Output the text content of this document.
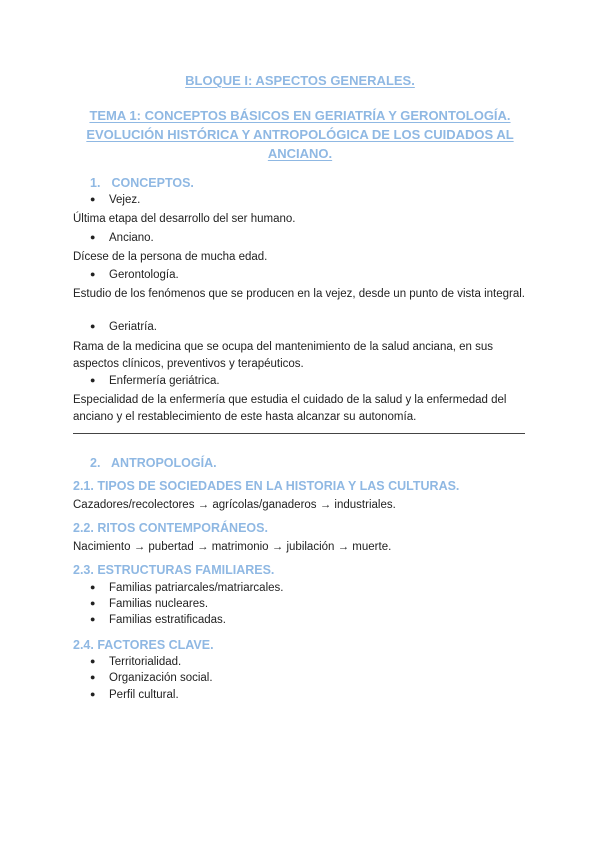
BLOQUE I: ASPECTOS GENERALES.
TEMA 1: CONCEPTOS BÁSICOS EN GERIATRÍA Y GERONTOLOGÍA. EVOLUCIÓN HISTÓRICA Y ANTROPOLÓGICA DE LOS CUIDADOS AL ANCIANO.
1. CONCEPTOS.
● Vejez.
Última etapa del desarrollo del ser humano.
● Anciano.
Dícese de la persona de mucha edad.
● Gerontología.
Estudio de los fenómenos que se producen en la vejez, desde un punto de vista integral.
● Geriatría.
Rama de la medicina que se ocupa del mantenimiento de la salud anciana, en sus aspectos clínicos, preventivos y terapéuticos.
● Enfermería geriátrica.
Especialidad de la enfermería que estudia el cuidado de la salud y la enfermedad del anciano y el restablecimiento de este hasta alcanzar su autonomía.
2. ANTROPOLOGÍA.
2.1. TIPOS DE SOCIEDADES EN LA HISTORIA Y LAS CULTURAS.
Cazadores/recolectores → agrícolas/ganaderos → industriales.
2.2. RITOS CONTEMPORÁNEOS.
Nacimiento → pubertad → matrimonio → jubilación → muerte.
2.3. ESTRUCTURAS FAMILIARES.
● Familias patriarcales/matriarcales.
● Familias nucleares.
● Familias estratificadas.
2.4. FACTORES CLAVE.
● Territorialidad.
● Organización social.
● Perfil cultural.
